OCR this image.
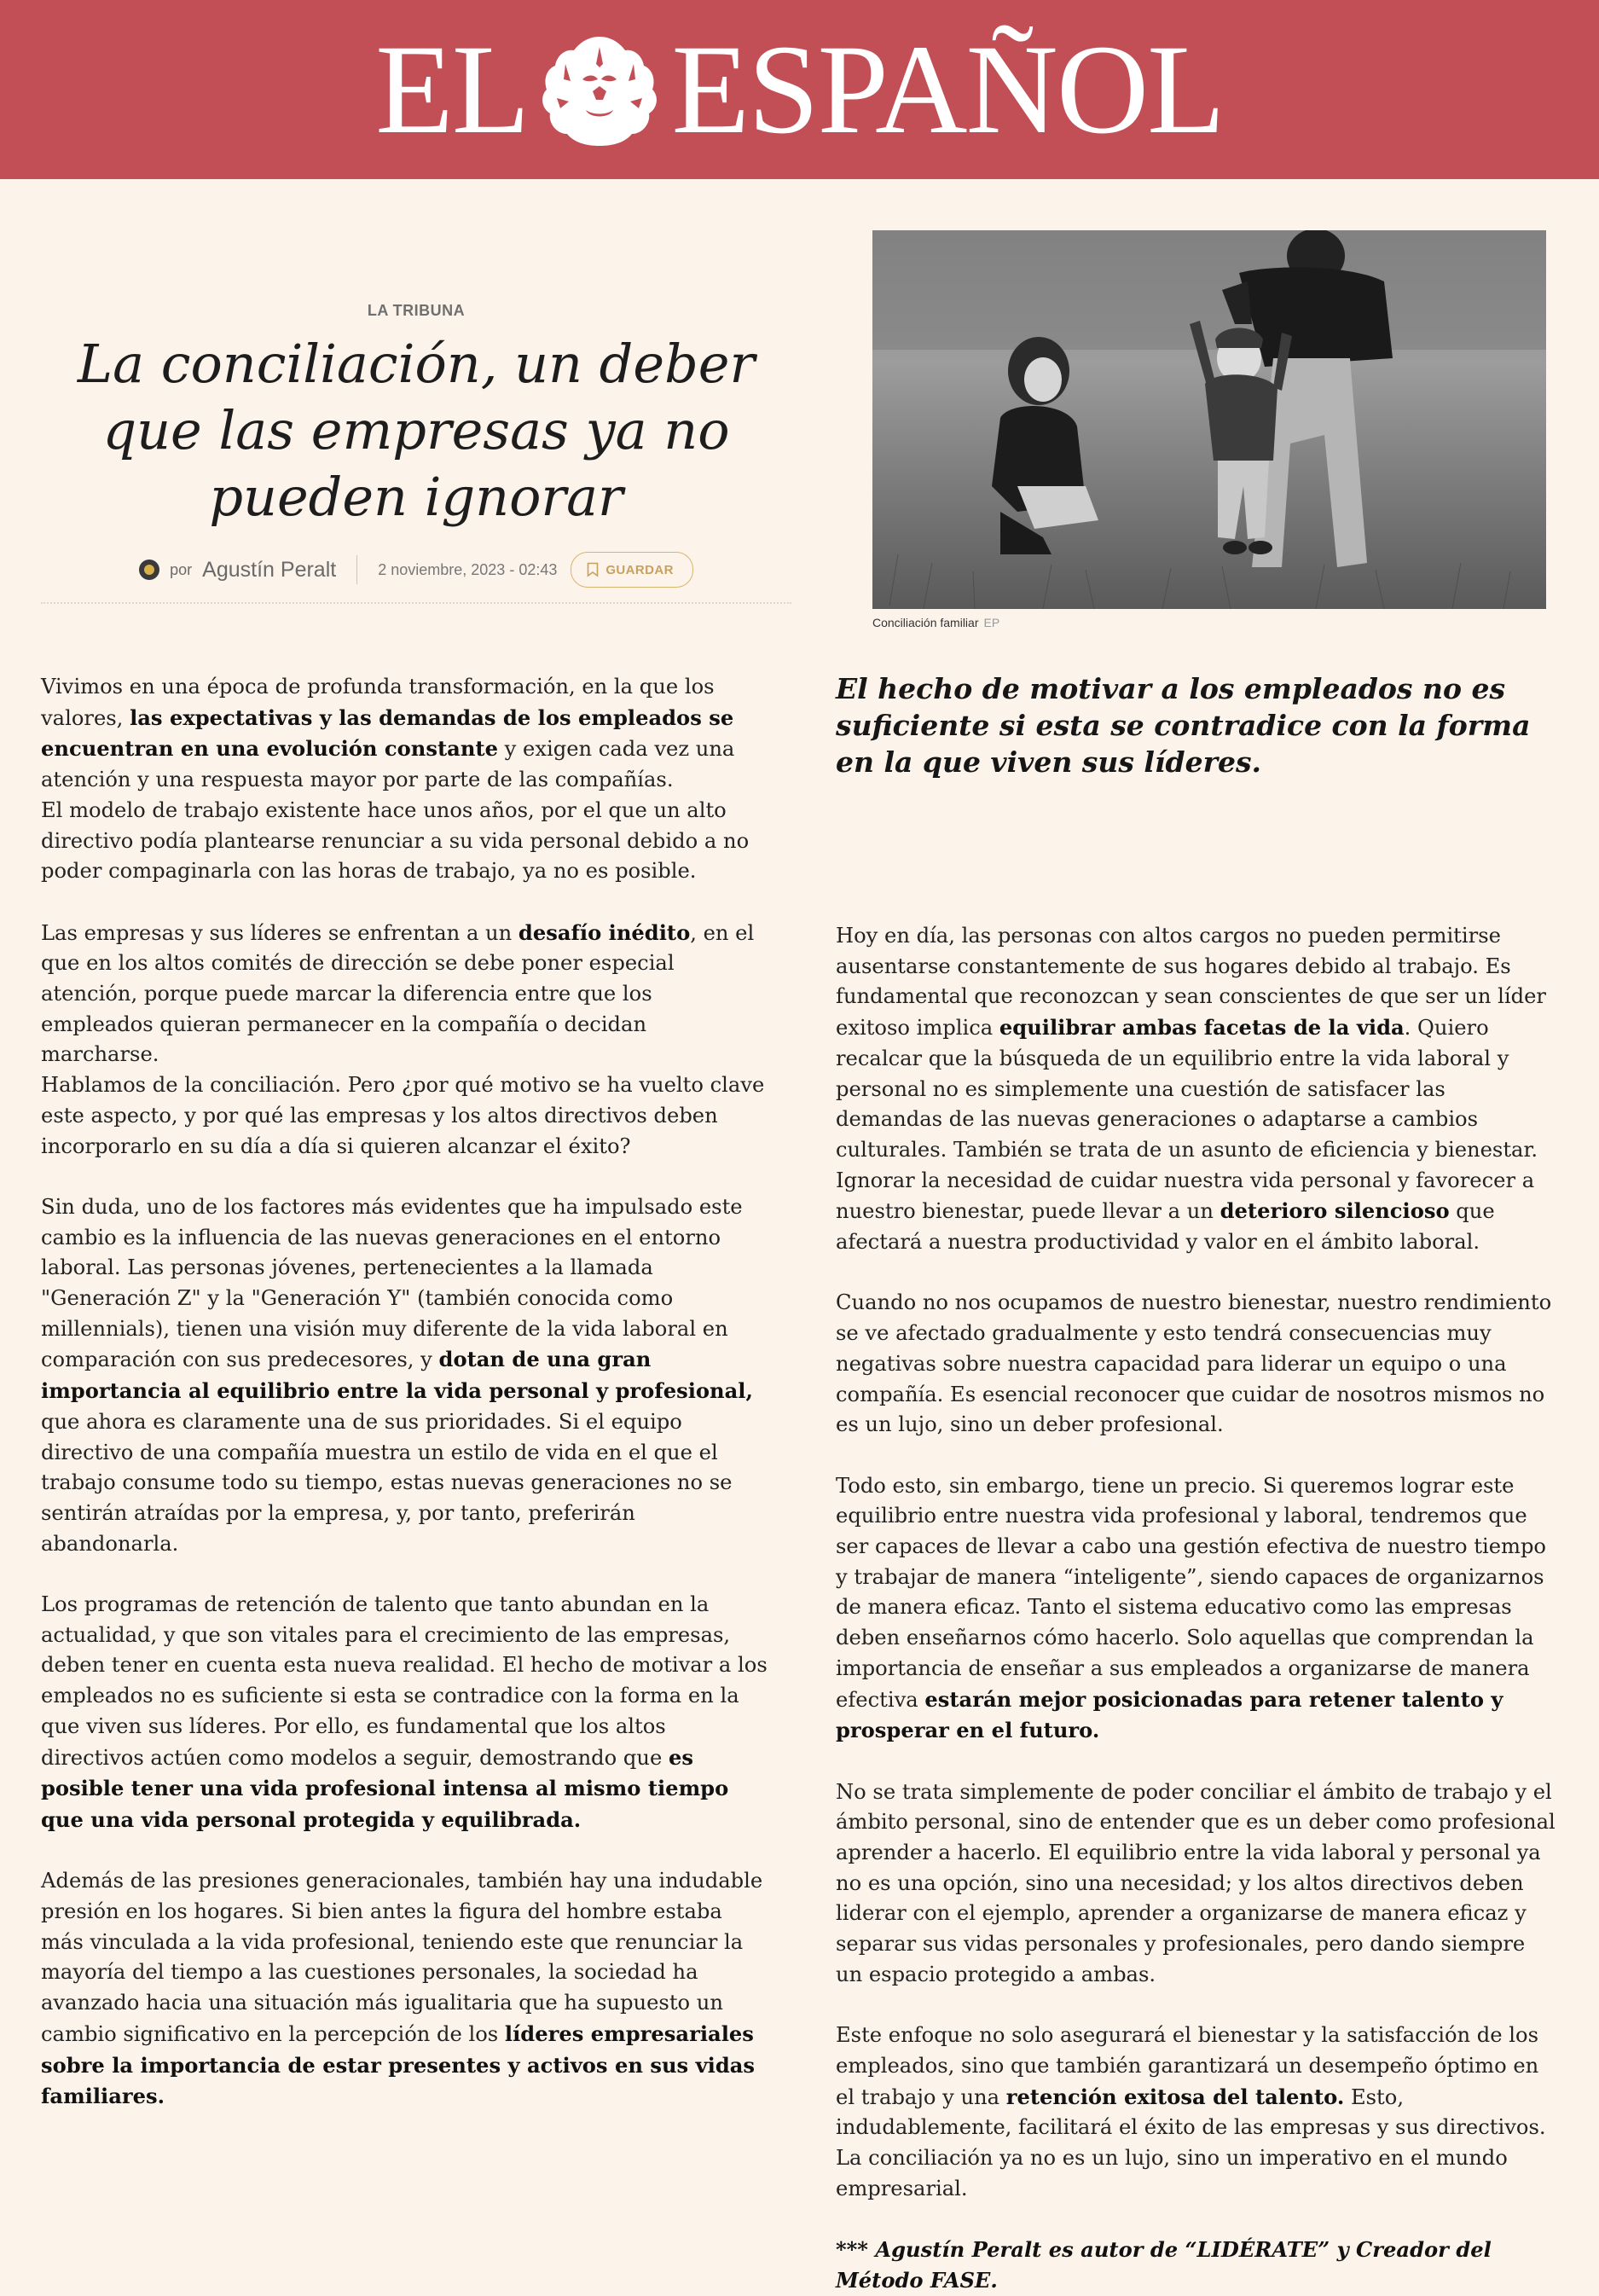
EL ESPAÑOL
LA TRIBUNA
La conciliación, un deber que las empresas ya no pueden ignorar
por Agustín Peralt	2 noviembre, 2023 - 02:43	GUARDAR
Conciliación familiar EP

Vivimos en una época de profunda transformación, en la que los valores, las expectativas y las demandas de los empleados se encuentran en una evolución constante y exigen cada vez una atención y una respuesta mayor por parte de las compañías.

El modelo de trabajo existente hace unos años, por el que un alto directivo podía plantearse renunciar a su vida personal debido a no poder compaginarla con las horas de trabajo, ya no es posible.

Las empresas y sus líderes se enfrentan a un desafío inédito, en el que en los altos comités de dirección se debe poner especial atención, porque puede marcar la diferencia entre que los empleados quieran permanecer en la compañía o decidan marcharse.

Hablamos de la conciliación. Pero ¿por qué motivo se ha vuelto clave este aspecto, y por qué las empresas y los altos directivos deben incorporarlo en su día a día si quieren alcanzar el éxito?

Sin duda, uno de los factores más evidentes que ha impulsado este cambio es la influencia de las nuevas generaciones en el entorno laboral. Las personas jóvenes, pertenecientes a la llamada "Generación Z" y la "Generación Y" (también conocida como millennials), tienen una visión muy diferente de la vida laboral en comparación con sus predecesores, y dotan de una gran importancia al equilibrio entre la vida personal y profesional, que ahora es claramente una de sus prioridades. Si el equipo directivo de una compañía muestra un estilo de vida en el que el trabajo consume todo su tiempo, estas nuevas generaciones no se sentirán atraídas por la empresa, y, por tanto, preferirán abandonarla.

Los programas de retención de talento que tanto abundan en la actualidad, y que son vitales para el crecimiento de las empresas, deben tener en cuenta esta nueva realidad. El hecho de motivar a los empleados no es suficiente si esta se contradice con la forma en la que viven sus líderes. Por ello, es fundamental que los altos directivos actúen como modelos a seguir, demostrando que es posible tener una vida profesional intensa al mismo tiempo que una vida personal protegida y equilibrada.

Además de las presiones generacionales, también hay una indudable presión en los hogares. Si bien antes la figura del hombre estaba más vinculada a la vida profesional, teniendo este que renunciar la mayoría del tiempo a las cuestiones personales, la sociedad ha avanzado hacia una situación más igualitaria que ha supuesto un cambio significativo en la percepción de los líderes empresariales sobre la importancia de estar presentes y activos en sus vidas familiares.

El hecho de motivar a los empleados no es suficiente si esta se contradice con la forma en la que viven sus líderes.

Hoy en día, las personas con altos cargos no pueden permitirse ausentarse constantemente de sus hogares debido al trabajo. Es fundamental que reconozcan y sean conscientes de que ser un líder exitoso implica equilibrar ambas facetas de la vida. Quiero recalcar que la búsqueda de un equilibrio entre la vida laboral y personal no es simplemente una cuestión de satisfacer las demandas de las nuevas generaciones o adaptarse a cambios culturales. También se trata de un asunto de eficiencia y bienestar. Ignorar la necesidad de cuidar nuestra vida personal y favorecer a nuestro bienestar, puede llevar a un deterioro silencioso que afectará a nuestra productividad y valor en el ámbito laboral.

Cuando no nos ocupamos de nuestro bienestar, nuestro rendimiento se ve afectado gradualmente y esto tendrá consecuencias muy negativas sobre nuestra capacidad para liderar un equipo o una compañía. Es esencial reconocer que cuidar de nosotros mismos no es un lujo, sino un deber profesional.

Todo esto, sin embargo, tiene un precio. Si queremos lograr este equilibrio entre nuestra vida profesional y laboral, tendremos que ser capaces de llevar a cabo una gestión efectiva de nuestro tiempo y trabajar de manera “inteligente”, siendo capaces de organizarnos de manera eficaz. Tanto el sistema educativo como las empresas deben enseñarnos cómo hacerlo. Solo aquellas que comprendan la importancia de enseñar a sus empleados a organizarse de manera efectiva estarán mejor posicionadas para retener talento y prosperar en el futuro.

No se trata simplemente de poder conciliar el ámbito de trabajo y el ámbito personal, sino de entender que es un deber como profesional aprender a hacerlo. El equilibrio entre la vida laboral y personal ya no es una opción, sino una necesidad; y los altos directivos deben liderar con el ejemplo, aprender a organizarse de manera eficaz y separar sus vidas personales y profesionales, pero dando siempre un espacio protegido a ambas.

Este enfoque no solo asegurará el bienestar y la satisfacción de los empleados, sino que también garantizará un desempeño óptimo en el trabajo y una retención exitosa del talento. Esto, indudablemente, facilitará el éxito de las empresas y sus directivos. La conciliación ya no es un lujo, sino un imperativo en el mundo empresarial.

*** Agustín Peralt es autor de “LIDÉRATE” y Creador del Método FASE.
